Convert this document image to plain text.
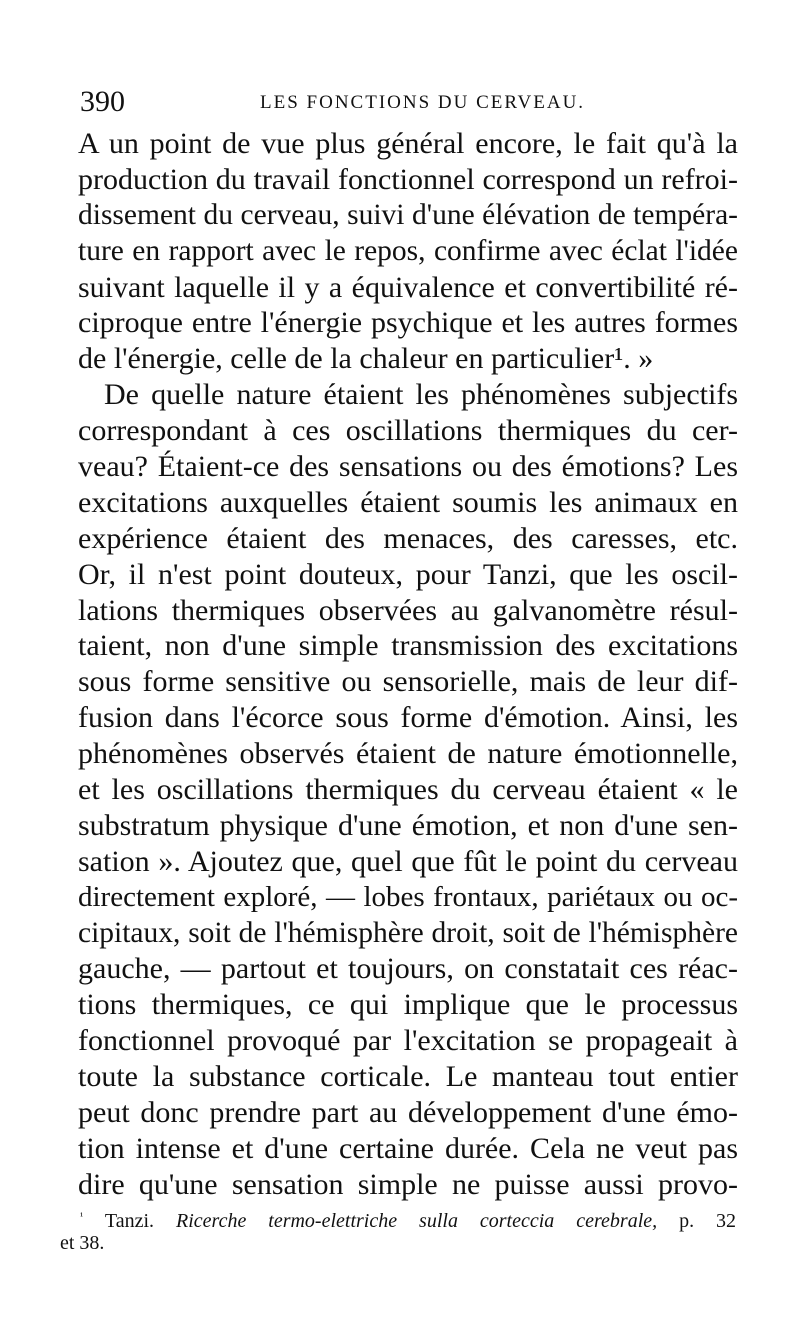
390	LES FONCTIONS DU CERVEAU.
A un point de vue plus général encore, le fait qu'à la
production du travail fonctionnel correspond un refroi-
dissement du cerveau, suivi d'une élévation de tempéra-
ture en rapport avec le repos, confirme avec éclat l'idée
suivant laquelle il y a équivalence et convertibilité ré-
ciproque entre l'énergie psychique et les autres formes
de l'énergie, celle de la chaleur en particulier¹. »
De quelle nature étaient les phénomènes subjectifs
correspondant à ces oscillations thermiques du cer-
veau? Étaient-ce des sensations ou des émotions? Les
excitations auxquelles étaient soumis les animaux en
expérience étaient des menaces, des caresses, etc.
Or, il n'est point douteux, pour Tanzi, que les oscil-
lations thermiques observées au galvanomètre résul-
taient, non d'une simple transmission des excitations
sous forme sensitive ou sensorielle, mais de leur dif-
fusion dans l'écorce sous forme d'émotion. Ainsi, les
phénomènes observés étaient de nature émotionnelle,
et les oscillations thermiques du cerveau étaient « le
substratum physique d'une émotion, et non d'une sen-
sation ». Ajoutez que, quel que fût le point du cerveau
directement exploré, — lobes frontaux, pariétaux ou oc-
cipitaux, soit de l'hémisphère droit, soit de l'hémisphère
gauche, — partout et toujours, on constatait ces réac-
tions thermiques, ce qui implique que le processus
fonctionnel provoqué par l'excitation se propageait à
toute la substance corticale. Le manteau tout entier
peut donc prendre part au développement d'une émo-
tion intense et d'une certaine durée. Cela ne veut pas
dire qu'une sensation simple ne puisse aussi provo-
$^{^1}$ Tanzi. Ricerche termo-elettriche sulla corteccia cerebrale, p. 32
et 38.
